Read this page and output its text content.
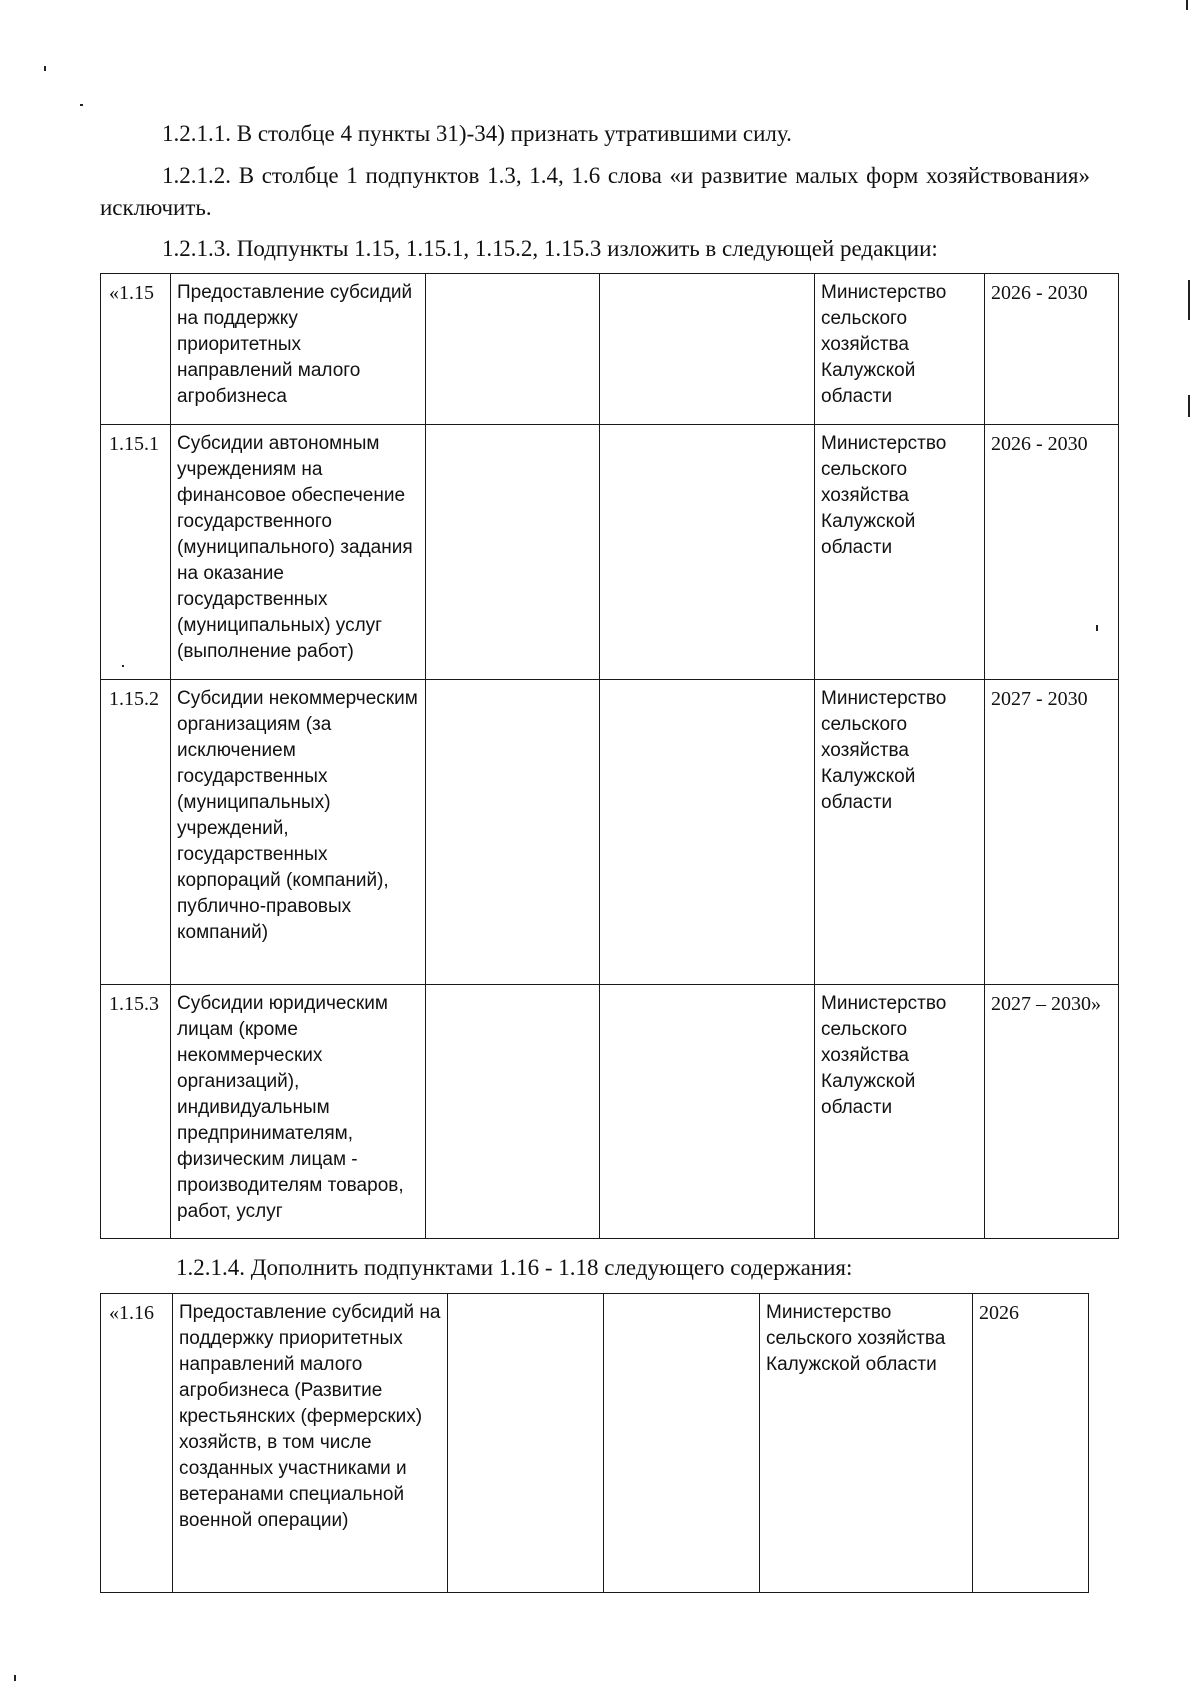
1.2.1.1. В столбце 4 пункты 31)-34) признать утратившими силу.

1.2.1.2. В столбце 1 подпунктов 1.3, 1.4, 1.6 слова «и развитие малых форм хозяйствования» исключить.

1.2.1.3. Подпункты 1.15, 1.15.1, 1.15.2, 1.15.3 изложить в следующей редакции:

«1.15	Предоставление субсидий на поддержку приоритетных направлений малого агробизнеса			Министерство сельского хозяйства Калужской области	2026 - 2030
1.15.1	Субсидии автономным учреждениям на финансовое обеспечение государственного (муниципального) задания на оказание государственных (муниципальных) услуг (выполнение работ)			Министерство сельского хозяйства Калужской области	2026 - 2030
1.15.2	Субсидии некоммерческим организациям (за исключением государственных (муниципальных) учреждений, государственных корпораций (компаний), публично-правовых компаний)			Министерство сельского хозяйства Калужской области	2027 - 2030
1.15.3	Субсидии юридическим лицам (кроме некоммерческих организаций), индивидуальным предпринимателям, физическим лицам - производителям товаров, работ, услуг			Министерство сельского хозяйства Калужской области	2027 – 2030»

1.2.1.4. Дополнить подпунктами 1.16 - 1.18 следующего содержания:

«1.16	Предоставление субсидий на поддержку приоритетных направлений малого агробизнеса (Развитие крестьянских (фермерских) хозяйств, в том числе созданных участниками и ветеранами специальной военной операции)			Министерство сельского хозяйства Калужской области	2026
